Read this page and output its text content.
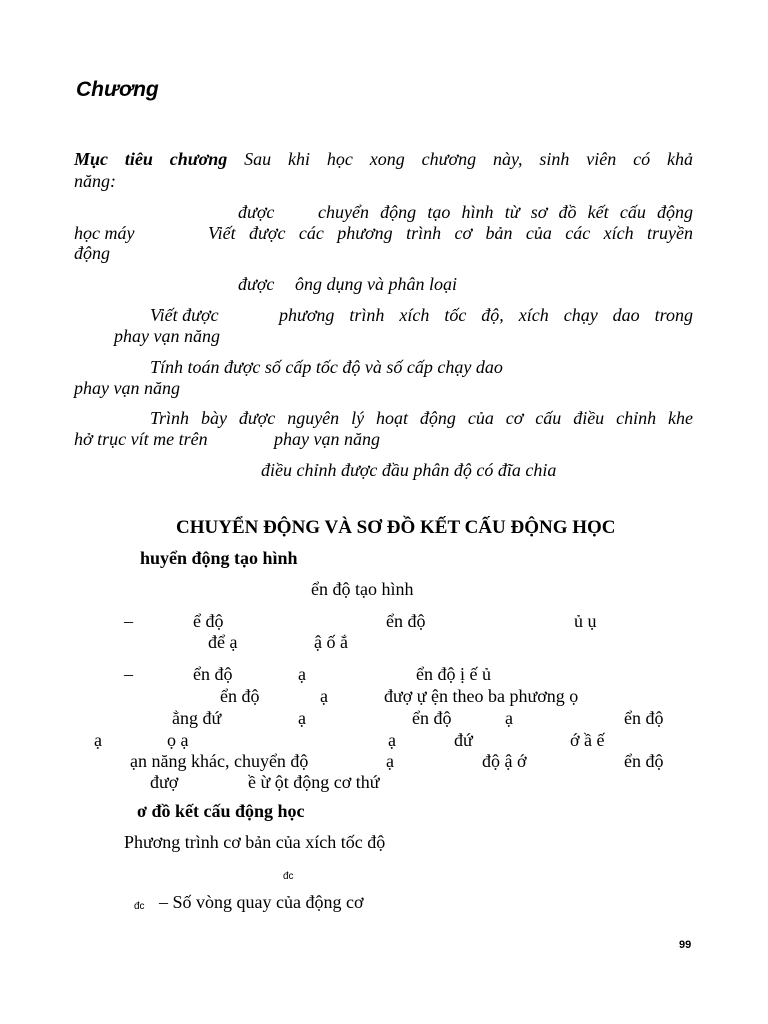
Chương
Mục tiêu chương Sau khi học xong chương này, sinh viên có khả
năng:
được chuyển động tạo hình từ sơ đồ kết cấu động
học máy	Viết được các phương trình cơ bản của các xích truyền
động
được ông dụng và phân loại
Viết được	phương trình xích tốc độ, xích chạy dao trong
phay vạn năng
Tính toán được số cấp tốc độ và số cấp chạy dao
phay vạn năng
Trình bày được nguyên lý hoạt động của cơ cấu điều chỉnh khe
hở trục vít me trên	phay vạn năng
điều chỉnh được đầu phân độ có đĩa chia
CHUYỂN ĐỘNG VÀ SƠ ĐỒ KẾT CẤU ĐỘNG HỌC
huyển động tạo hình
ển độ tạo hình
–	ể độ	ển độ	ủ ụ
để ạ	ậ ố ắ
–	ển độ	ạ	ển độ ị ế ủ
ển độ	ạ	đượ ự ện theo ba phương ọ
ẳng đứ	ạ	ển độ	ạ	ển độ
ạ	ọ ạ	ạ	đứ	ớ ầ ế
ạn năng khác, chuyển độ	ạ	độ ậ ớ	ển độ
đượ	ề ừ ột động cơ thứ
ơ đồ kết cấu động học
Phương trình cơ bản của xích tốc độ
đc
đc – Số vòng quay của động cơ
99
